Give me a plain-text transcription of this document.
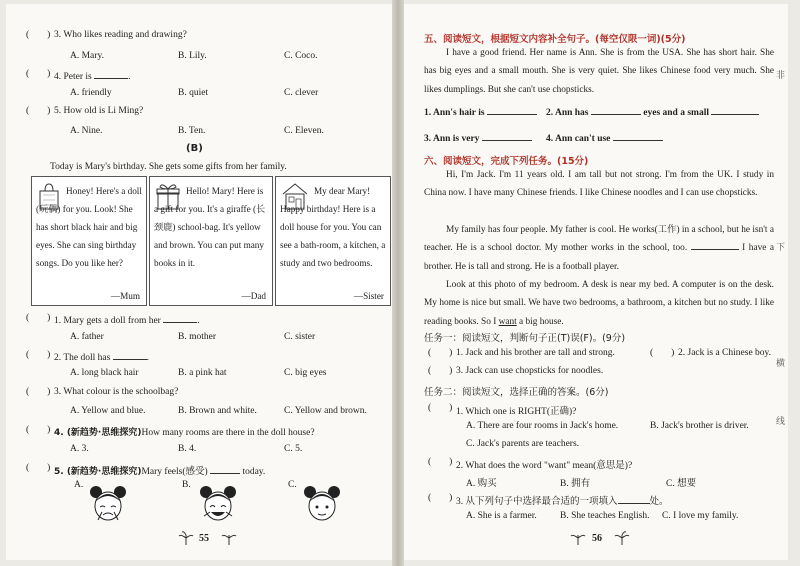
( ) 3. Who likes reading and drawing?
A. Mary.	B. Lily.	C. Coco.
( ) 4. Peter is	.
A. friendly	B. quiet	C. clever
( ) 5. How old is Li Ming?
A. Nine.	B. Ten.	C. Eleven.
(B)
Today is Mary's birthday. She gets some gifts from her family.
Honey! Here's a doll (玩偶) for you. Look! She has short black hair and big eyes. She can sing birthday songs. Do you like her?
—Mum
Hello! Mary! Here is a gift for you. It's a giraffe (长颈鹿) school-bag. It's yellow and brown. You can put many books in it.
—Dad
My dear Mary! Happy birthday! Here is a doll house for you. You can see a bath-room, a kitchen, a study and two bedrooms.
—Sister
( ) 1. Mary gets a doll from her	.
A. father	B. mother	C. sister
( ) 2. The doll has	.
A. long black hair	B. a pink hat	C. big eyes
( ) 3. What colour is the schoolbag?
A. Yellow and blue.	B. Brown and white.	C. Yellow and brown.
( ) 4. (新趋势·思维探究)How many rooms are there in the doll house?
A. 3.	B. 4.	C. 5.
( ) 5. (新趋势·思维探究)Mary feels(感受)	today.
A.	B.	C.
55
五、阅读短文，根据短文内容补全句子。(每空仅限一词)(5分)
I have a good friend. Her name is Ann. She is from the USA. She has short hair. She has big eyes and a small mouth. She is very quiet. She likes Chinese food very much. She likes dumplings. But she can't use chopsticks.
1. Ann's hair is	2. Ann has	eyes and a small
3. Ann is very	4. Ann can't use
六、阅读短文，完成下列任务。(15分)
Hi, I'm Jack. I'm 11 years old. I am tall but not strong. I'm from the UK. I study in China now. I have many Chinese friends. I like Chinese noodles and I can use chopsticks.
My family has four people. My father is cool. He works(工作) in a school, but he isn't a teacher. He is a school doctor. My mother works in the school, too.	I have a brother. He is tall and strong. He is a football player.
Look at this photo of my bedroom. A desk is near my bed. A computer is on the desk. My home is nice but small. We have two bedrooms, a bathroom, a kitchen but no study. I like reading books. So I want a big house.
任务一：阅读短文，判断句子正(T)误(F)。(9分)
( ) 1. Jack and his brother are tall and strong.	( ) 2. Jack is a Chinese boy.
( ) 3. Jack can use chopsticks for noodles.
任务二：阅读短文，选择正确的答案。(6分)
( ) 1. Which one is RIGHT(正确)?
A. There are four rooms in Jack's home.	B. Jack's brother is driver.
C. Jack's parents are teachers.
( ) 2. What does the word "want" mean(意思是)?
A. 购买	B. 拥有	C. 想要
( ) 3. 从下列句子中选择最合适的一项填入	处。
A. She is a farmer. B. She teaches English. C. I love my family.
非
下
横
线
56
